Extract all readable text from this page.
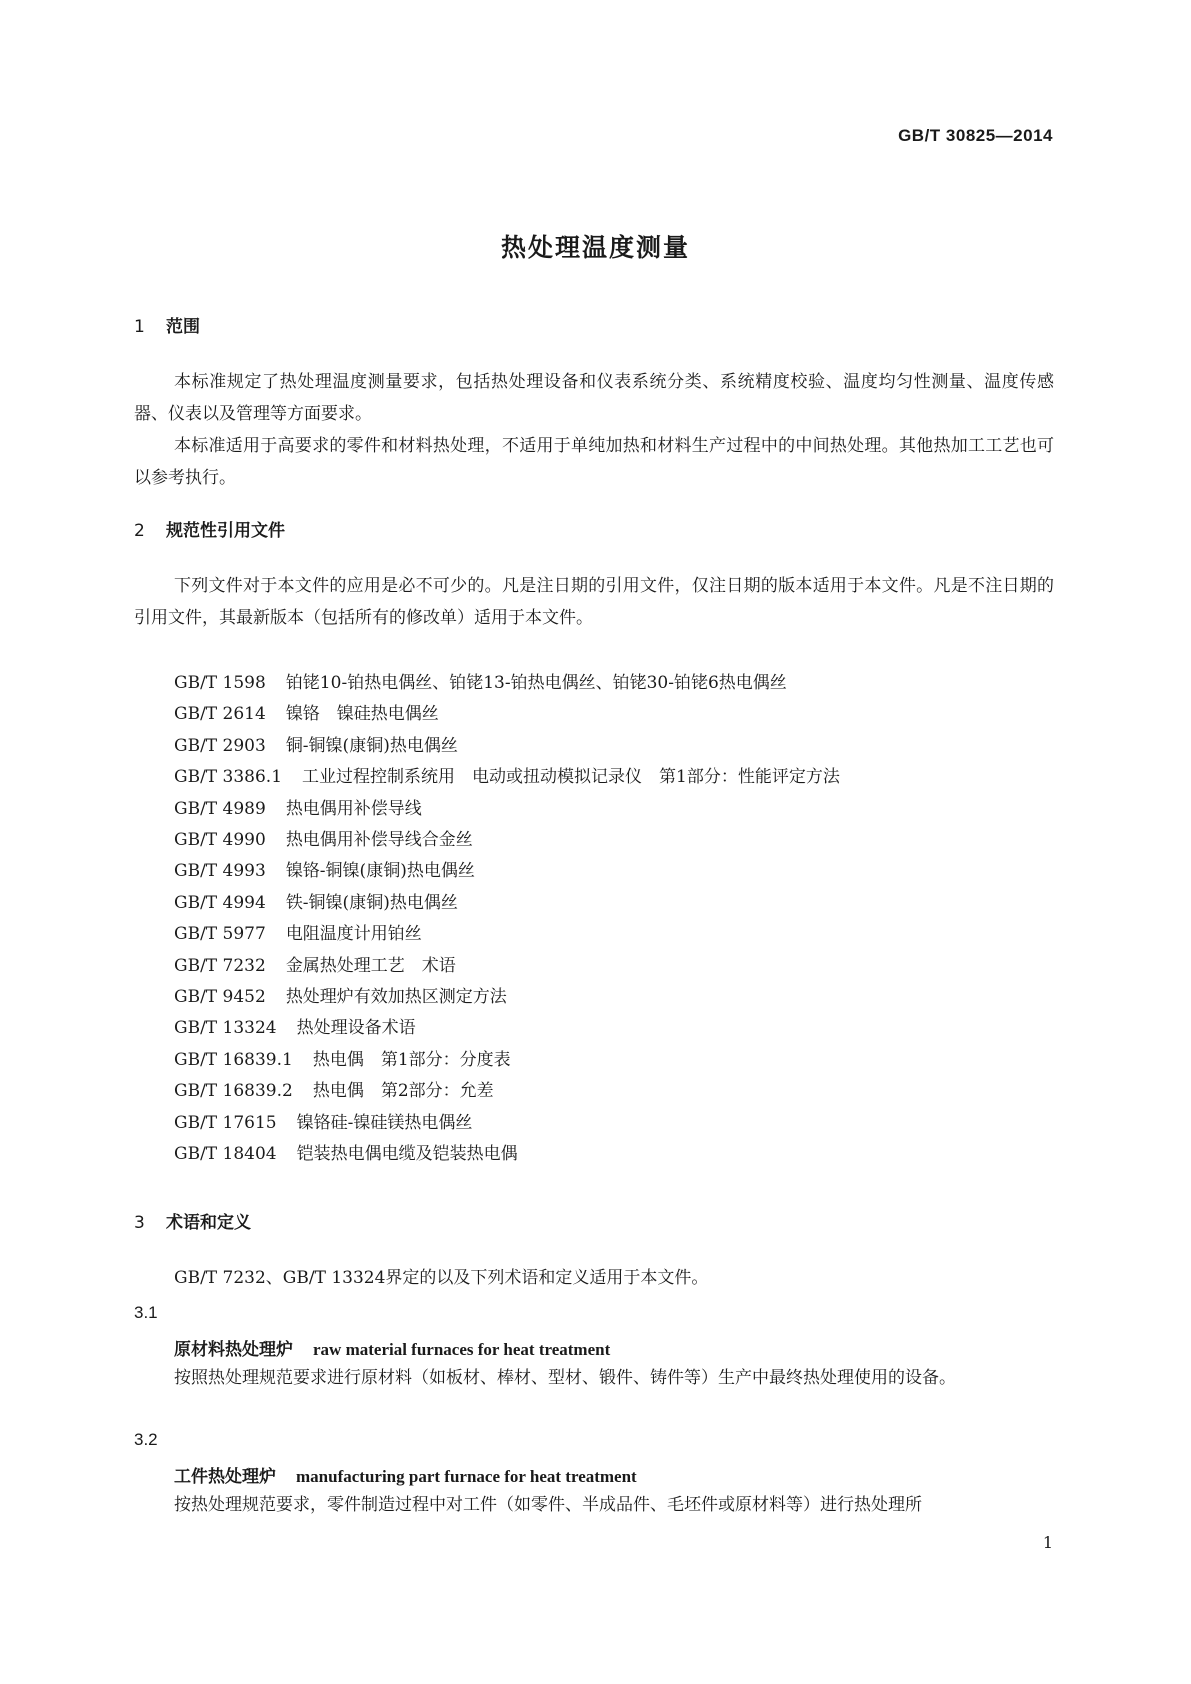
GB/T 30825—2014
热处理温度测量
1 范围

本标准规定了热处理温度测量要求，包括热处理设备和仪表系统分类、系统精度校验、温度均匀性测量、温度传感器、仪表以及管理等方面要求。

本标准适用于高要求的零件和材料热处理，不适用于单纯加热和材料生产过程中的中间热处理。其他热加工工艺也可以参考执行。

2 规范性引用文件

下列文件对于本文件的应用是必不可少的。凡是注日期的引用文件，仅注日期的版本适用于本文件。凡是不注日期的引用文件，其最新版本（包括所有的修改单）适用于本文件。

GB/T 1598 铂铑10-铂热电偶丝、铂铑13-铂热电偶丝、铂铑30-铂铑6热电偶丝
GB/T 2614 镍铬　镍硅热电偶丝
GB/T 2903 铜-铜镍(康铜)热电偶丝
GB/T 3386.1 工业过程控制系统用　电动或扭动模拟记录仪　第1部分：性能评定方法
GB/T 4989 热电偶用补偿导线
GB/T 4990 热电偶用补偿导线合金丝
GB/T 4993 镍铬-铜镍(康铜)热电偶丝
GB/T 4994 铁-铜镍(康铜)热电偶丝
GB/T 5977 电阻温度计用铂丝
GB/T 7232 金属热处理工艺　术语
GB/T 9452 热处理炉有效加热区测定方法
GB/T 13324 热处理设备术语
GB/T 16839.1 热电偶　第1部分：分度表
GB/T 16839.2 热电偶　第2部分：允差
GB/T 17615 镍铬硅-镍硅镁热电偶丝
GB/T 18404 铠装热电偶电缆及铠装热电偶
3 术语和定义

GB/T 7232、GB/T 13324界定的以及下列术语和定义适用于本文件。

3.1
原材料热处理炉 raw material furnaces for heat treatment

按照热处理规范要求进行原材料（如板材、棒材、型材、锻件、铸件等）生产中最终热处理使用的设备。

3.2
工件热处理炉 manufacturing part furnace for heat treatment

按热处理规范要求，零件制造过程中对工件（如零件、半成品件、毛坯件或原材料等）进行热处理所

1
